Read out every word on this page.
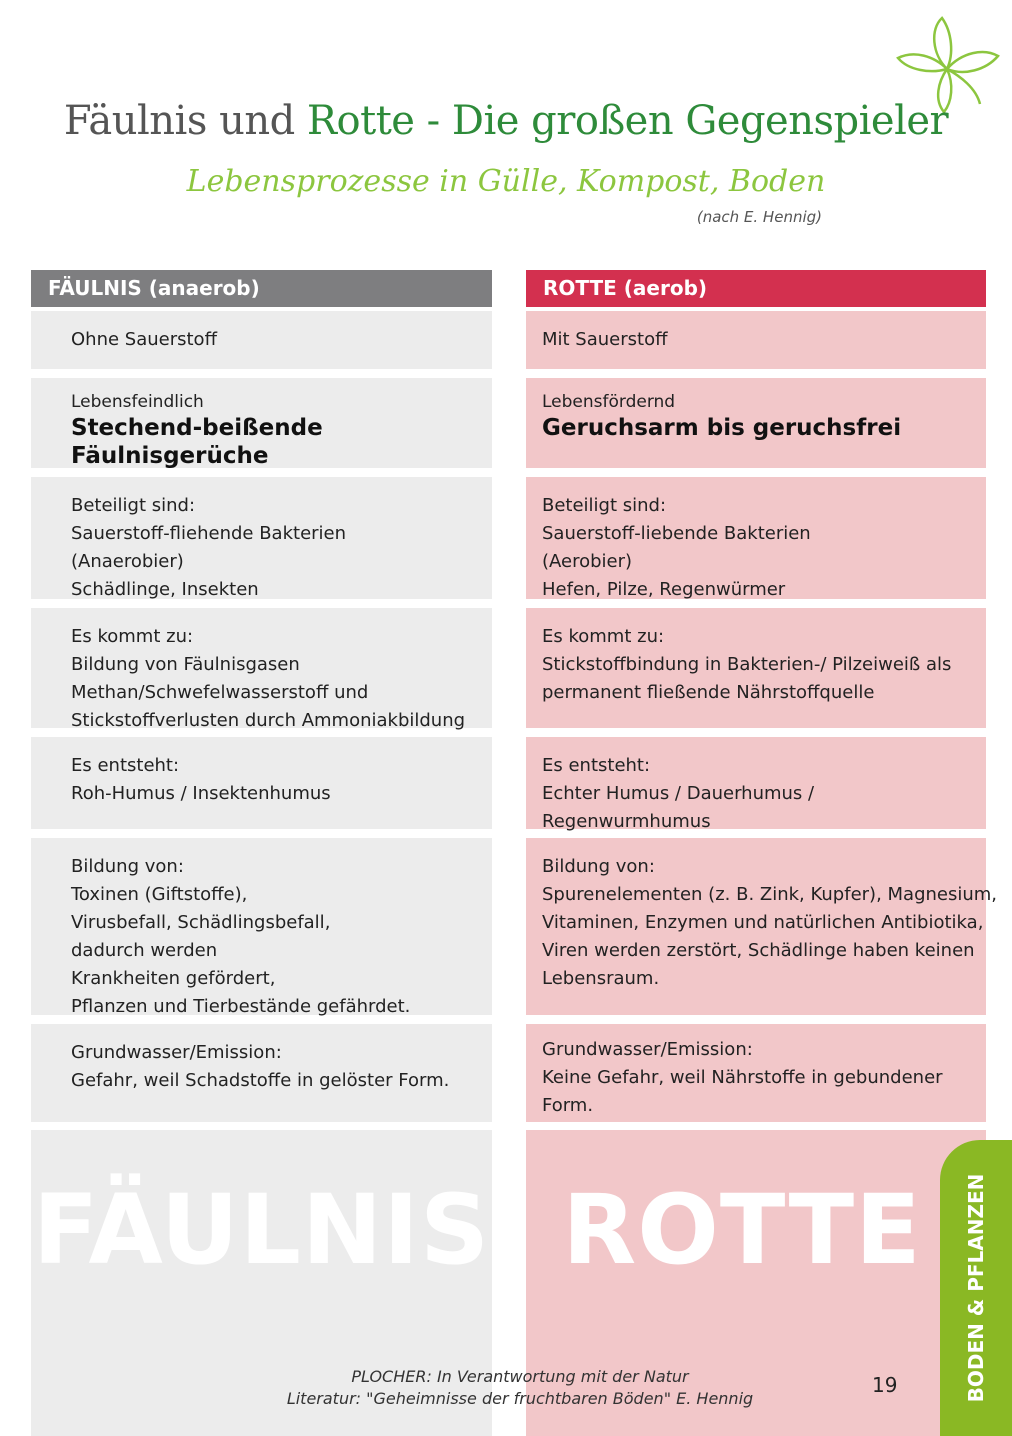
Fäulnis und Rotte - Die großen Gegenspieler
Lebensprozesse in Gülle, Kompost, Boden
(nach E. Hennig)
FÄULNIS (anaerob)
Ohne Sauerstoff
Lebensfeindlich
Stechend-beißende
Fäulnisgerüche
Beteiligt sind:
Sauerstoff-fliehende Bakterien
(Anaerobier)
Schädlinge, Insekten
Es kommt zu:
Bildung von Fäulnisgasen
Methan/Schwefelwasserstoff und
Stickstoffverlusten durch Ammoniakbildung
Es entsteht:
Roh-Humus / Insektenhumus
Bildung von:
Toxinen (Giftstoffe),
Virusbefall, Schädlingsbefall,
dadurch werden
Krankheiten gefördert,
Pflanzen und Tierbestände gefährdet.
Grundwasser/Emission:
Gefahr, weil Schadstoffe in gelöster Form.
ROTTE (aerob)
Mit Sauerstoff
Lebensfördernd
Geruchsarm bis geruchsfrei
Beteiligt sind:
Sauerstoff-liebende Bakterien
(Aerobier)
Hefen, Pilze, Regenwürmer
Es kommt zu:
Stickstoffbindung in Bakterien-/ Pilzeiweiß als
permanent fließende Nährstoffquelle
Es entsteht:
Echter Humus / Dauerhumus /
Regenwurmhumus
Bildung von:
Spurenelementen (z. B. Zink, Kupfer), Magnesium,
Vitaminen, Enzymen und natürlichen Antibiotika,
Viren werden zerstört, Schädlinge haben keinen
Lebensraum.
Grundwasser/Emission:
Keine Gefahr, weil Nährstoffe in gebundener
Form.
FÄULNIS ROTTE	BODEN & PFLANZEN
PLOCHER: In Verantwortung mit der Natur
Literatur: "Geheimnisse der fruchtbaren Böden" E. Hennig
19
